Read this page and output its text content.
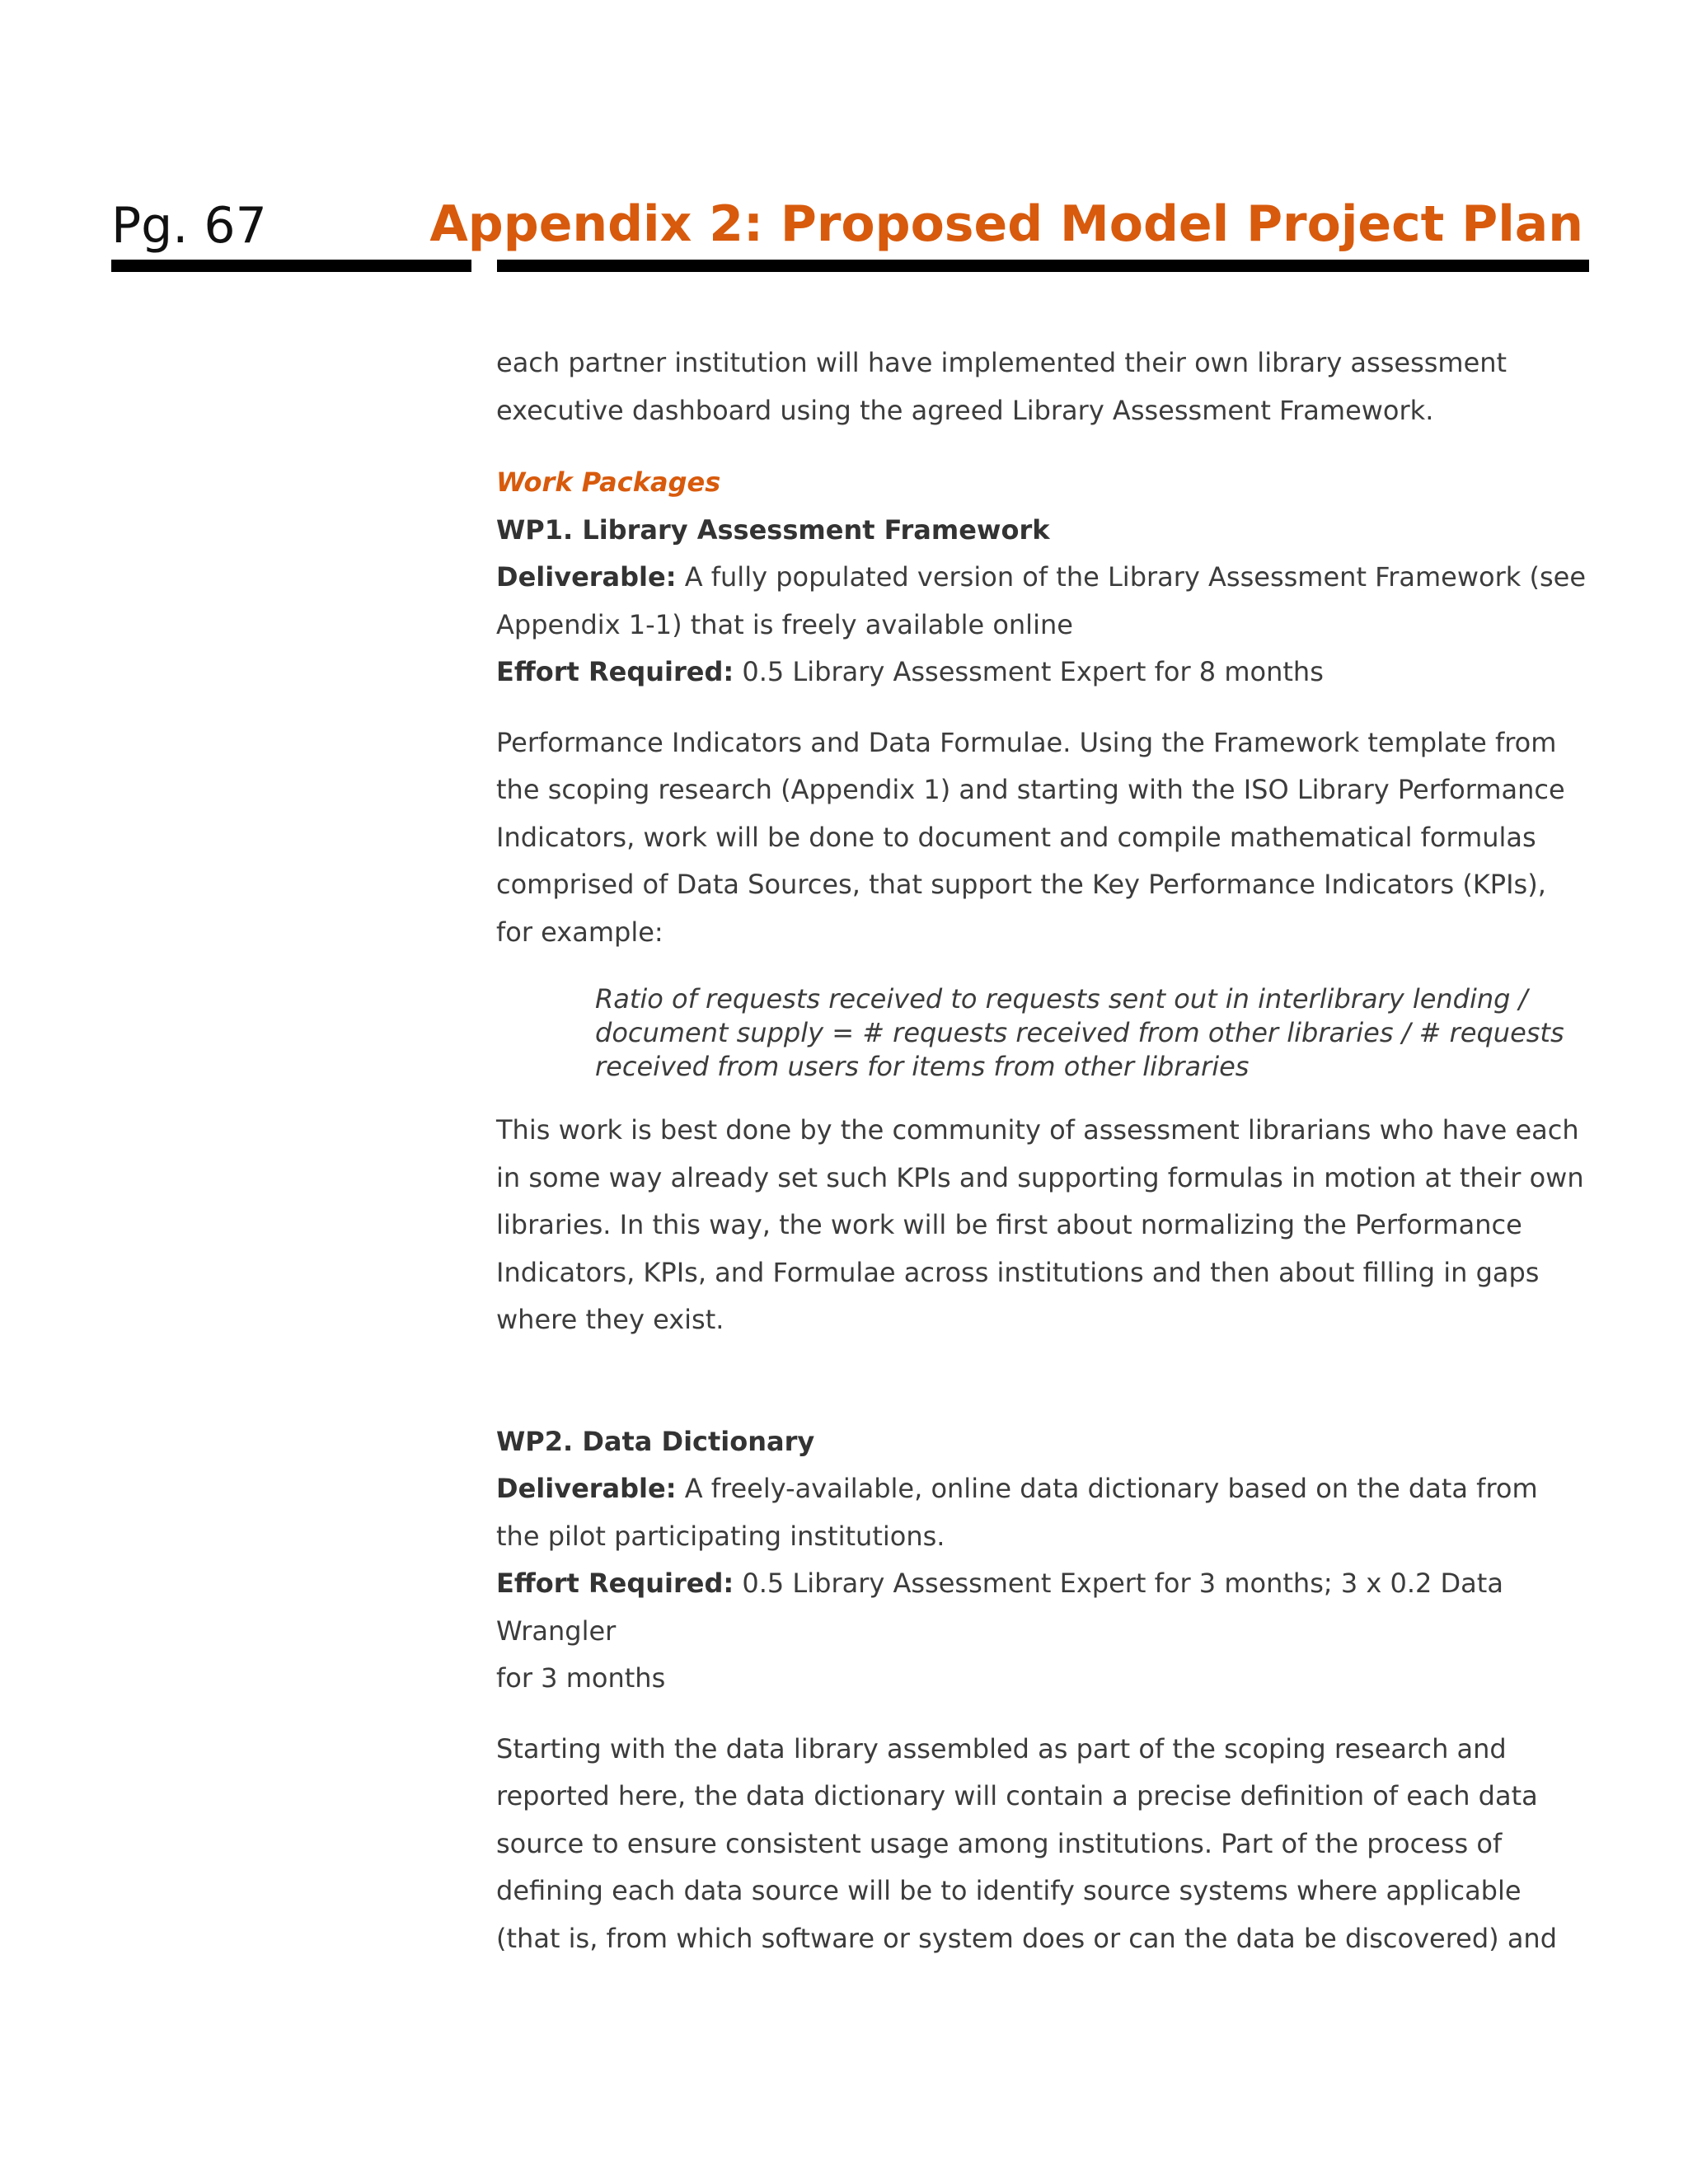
Pg. 67	Appendix 2: Proposed Model Project Plan

each partner institution will have implemented their own library assessment
executive dashboard using the agreed Library Assessment Framework.

Work Packages

WP1. Library Assessment Framework

Deliverable: A fully populated version of the Library Assessment Framework (see
Appendix 1-1) that is freely available online

Effort Required: 0.5 Library Assessment Expert for 8 months

Performance Indicators and Data Formulae. Using the Framework template from
the scoping research (Appendix 1) and starting with the ISO Library Performance
Indicators, work will be done to document and compile mathematical formulas
comprised of Data Sources, that support the Key Performance Indicators (KPIs),
for example:

Ratio of requests received to requests sent out in interlibrary lending /
document supply = # requests received from other libraries / # requests
received from users for items from other libraries

This work is best done by the community of assessment librarians who have each
in some way already set such KPIs and supporting formulas in motion at their own
libraries. In this way, the work will be first about normalizing the Performance
Indicators, KPIs, and Formulae across institutions and then about filling in gaps
where they exist.

WP2. Data Dictionary

Deliverable: A freely-available, online data dictionary based on the data from
the pilot participating institutions.

Effort Required: 0.5 Library Assessment Expert for 3 months; 3 x 0.2 Data Wrangler
for 3 months

Starting with the data library assembled as part of the scoping research and
reported here, the data dictionary will contain a precise definition of each data
source to ensure consistent usage among institutions. Part of the process of
defining each data source will be to identify source systems where applicable
(that is, from which software or system does or can the data be discovered) and
